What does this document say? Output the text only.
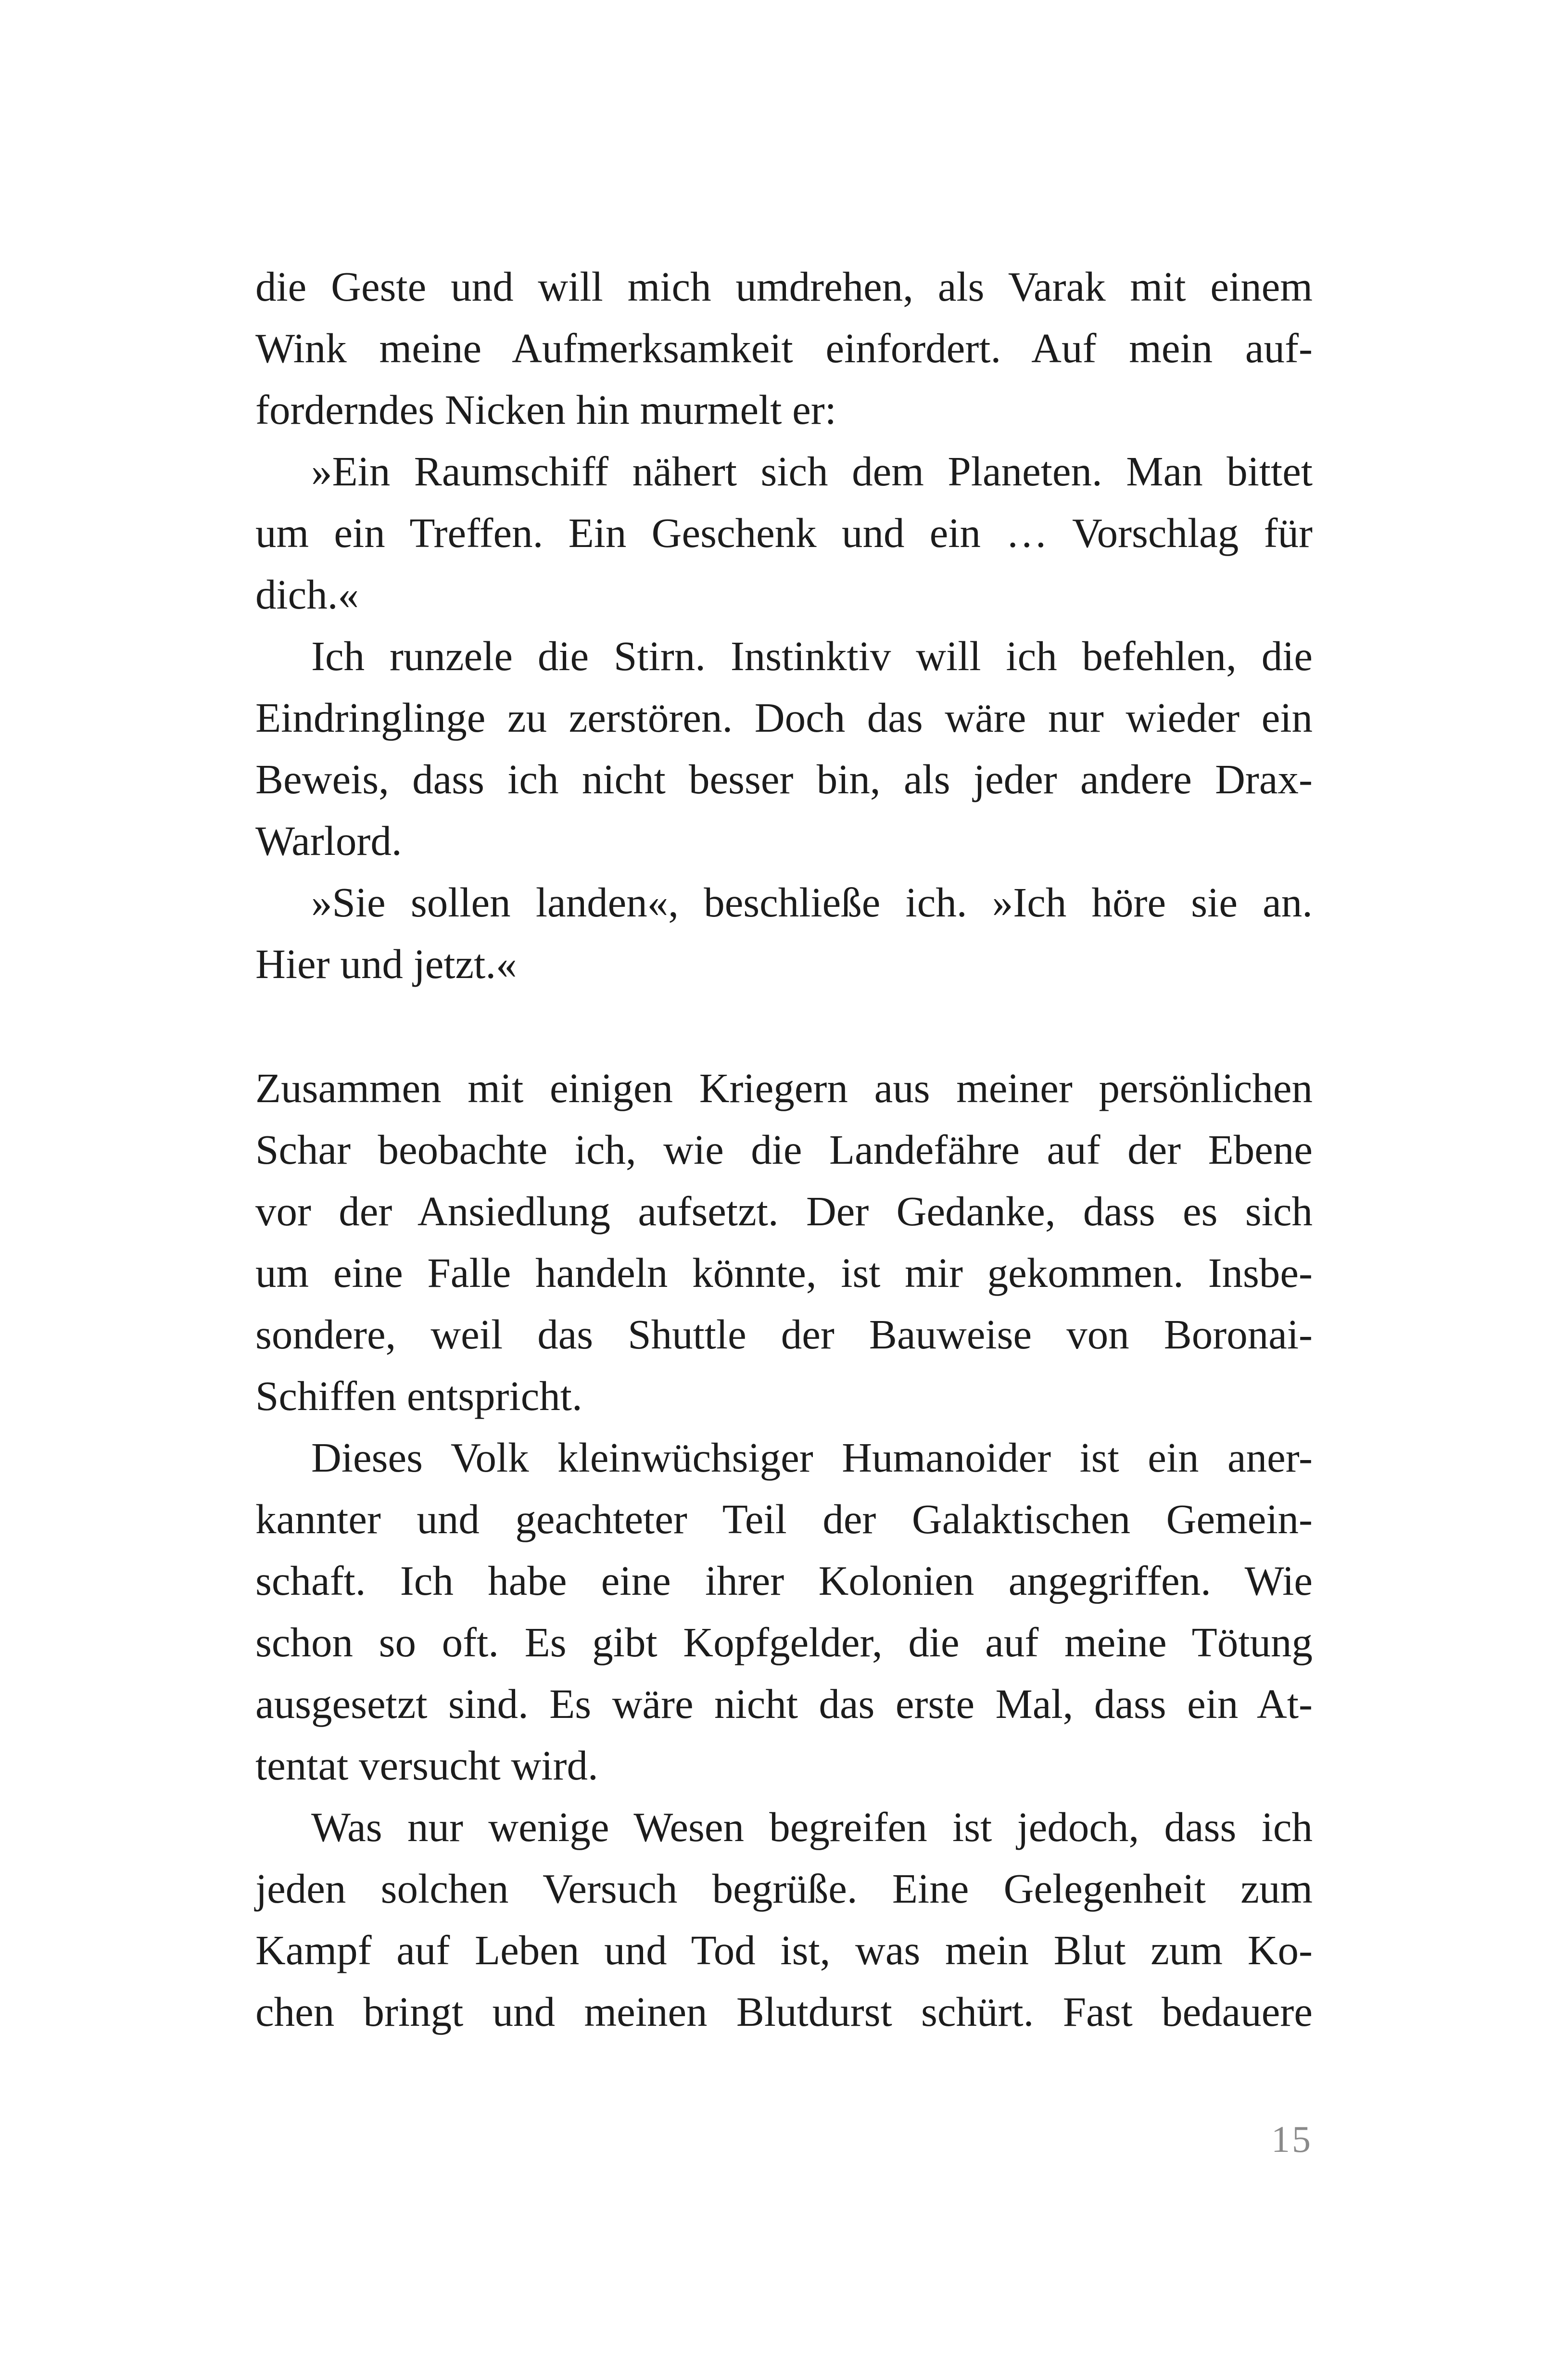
die Geste und will mich umdrehen, als Varak mit einem
Wink meine Aufmerksamkeit einfordert. Auf mein auf-
forderndes Nicken hin murmelt er:
»Ein Raumschiff nähert sich dem Planeten. Man bittet
um ein Treffen. Ein Geschenk und ein … Vorschlag für
dich.«
Ich runzele die Stirn. Instinktiv will ich befehlen, die
Eindringlinge zu zerstören. Doch das wäre nur wieder ein
Beweis, dass ich nicht besser bin, als jeder andere Drax-
Warlord.
»Sie sollen landen«, beschließe ich. »Ich höre sie an.
Hier und jetzt.«
Zusammen mit einigen Kriegern aus meiner persönlichen
Schar beobachte ich, wie die Landefähre auf der Ebene
vor der Ansiedlung aufsetzt. Der Gedanke, dass es sich
um eine Falle handeln könnte, ist mir gekommen. Insbe-
sondere, weil das Shuttle der Bauweise von Boronai-
Schiffen entspricht.
Dieses Volk kleinwüchsiger Humanoider ist ein aner-
kannter und geachteter Teil der Galaktischen Gemein-
schaft. Ich habe eine ihrer Kolonien angegriffen. Wie
schon so oft. Es gibt Kopfgelder, die auf meine Tötung
ausgesetzt sind. Es wäre nicht das erste Mal, dass ein At-
tentat versucht wird.
Was nur wenige Wesen begreifen ist jedoch, dass ich
jeden solchen Versuch begrüße. Eine Gelegenheit zum
Kampf auf Leben und Tod ist, was mein Blut zum Ko-
chen bringt und meinen Blutdurst schürt. Fast bedauere
15
